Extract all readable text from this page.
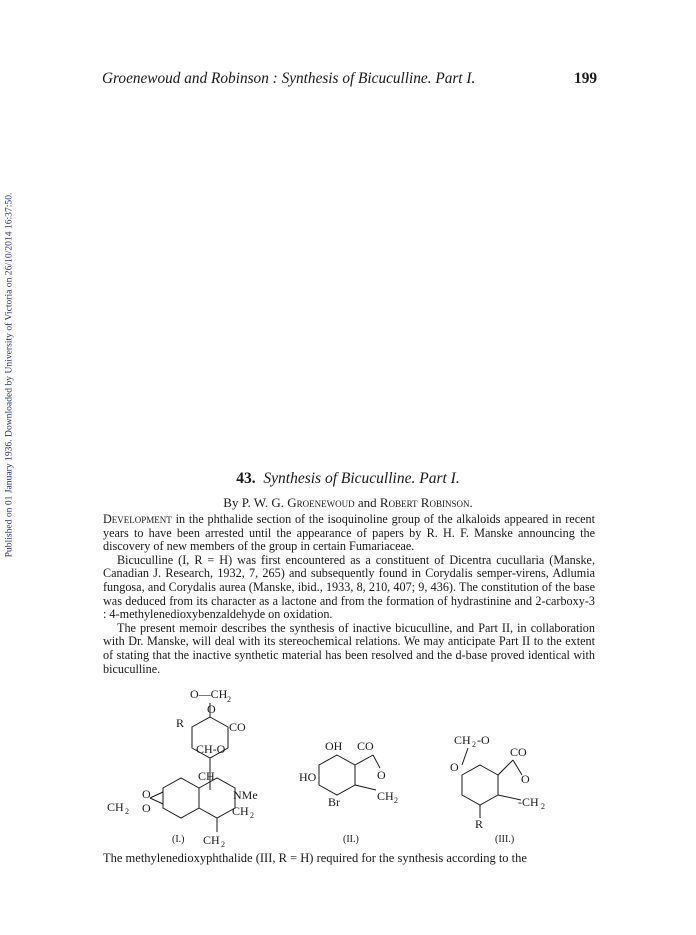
Published on 01 January 1936. Downloaded by University of Victoria on 26/10/2014 16:37:50.
Groenewoud and Robinson : Synthesis of Bicuculline. Part I.	199
43. Synthesis of Bicuculline. Part I.
By P. W. G. Groenewoud and Robert Robinson.

Development in the phthalide section of the isoquinoline group of the alkaloids appeared in recent years to have been arrested until the appearance of papers by R. H. F. Manske announcing the discovery of new members of the group in certain Fumariaceae.

Bicuculline (I, R = H) was first encountered as a constituent of Dicentra cucullaria (Manske, Canadian J. Research, 1932, 7, 265) and subsequently found in Corydalis semper-virens, Adlumia fungosa, and Corydalis aurea (Manske, ibid., 1933, 8, 210, 407; 9, 436). The constitution of the base was deduced from its character as a lactone and from the formation of hydrastinine and 2-carboxy-3 : 4-methylenedioxybenzaldehyde on oxidation.

The present memoir describes the synthesis of inactive bicuculline, and Part II, in collaboration with Dr. Manske, will deal with its stereochemical relations. We may anticipate Part II to the extent of stating that the inactive synthetic material has been resolved and the d-base proved identical with bicuculline.

O—CH 2
O
R	CO
CH-O
CH
NMe
CH 2
CH 2
CH 2
O
O
OH CO
HO	O
CH 2
Br
CH 2 -O
CO
O
O
-CH 2
R
(I.)	(II.)	(III.)
The methylenedioxyphthalide (III, R = H) required for the synthesis according to the
